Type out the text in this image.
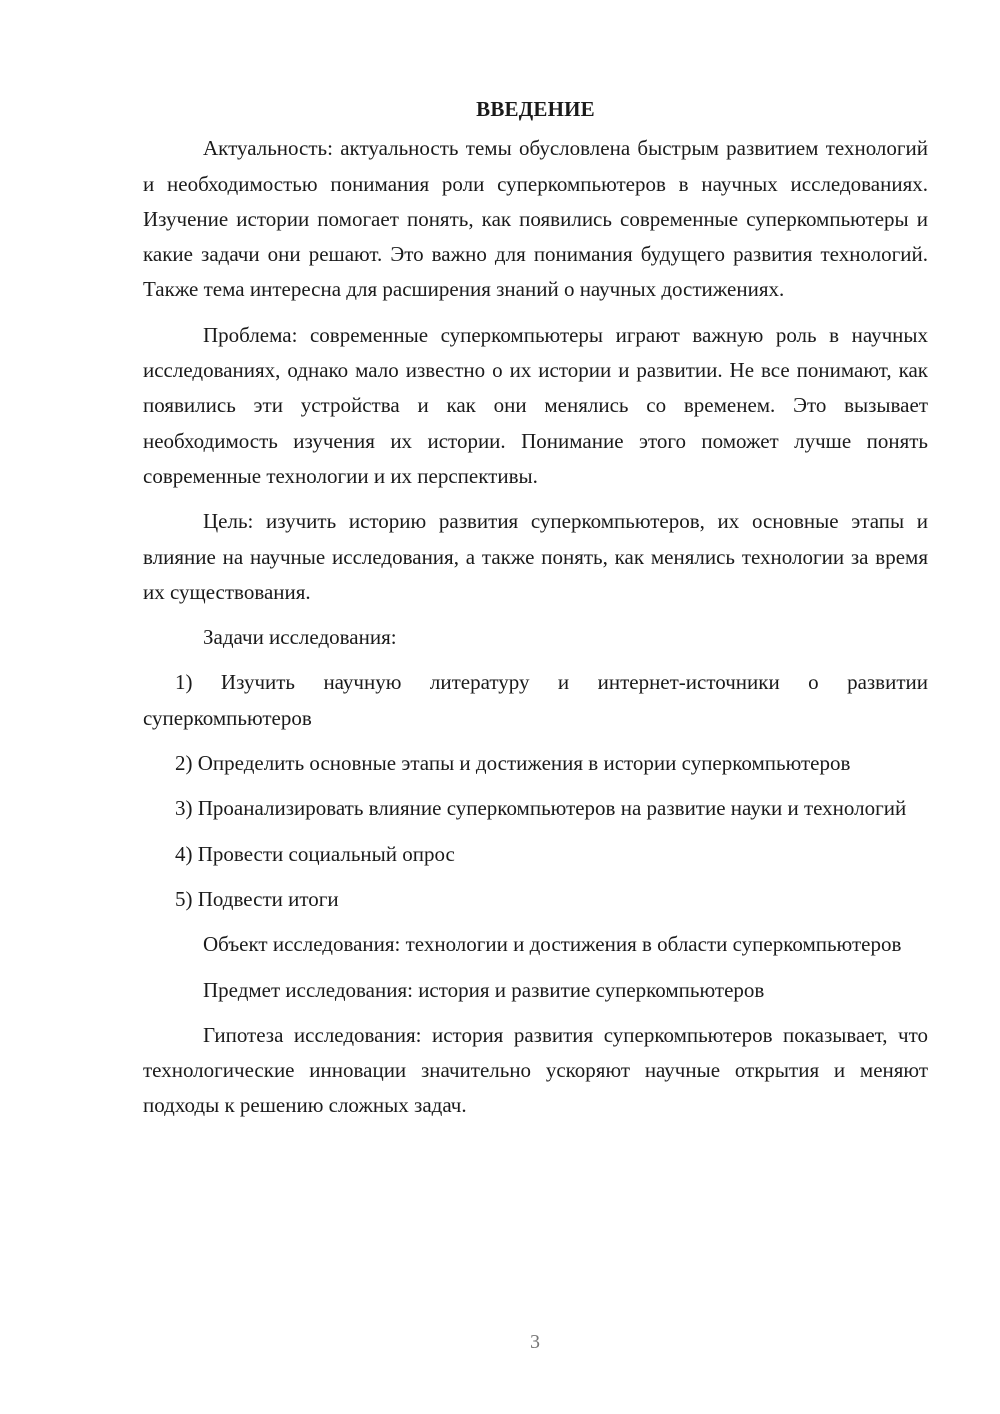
ВВЕДЕНИЕ

Актуальность: актуальность темы обусловлена быстрым развитием технологий и необходимостью понимания роли суперкомпьютеров в научных исследованиях. Изучение истории помогает понять, как появились современные суперкомпьютеры и какие задачи они решают. Это важно для понимания будущего развития технологий. Также тема интересна для расширения знаний о научных достижениях.

Проблема: современные суперкомпьютеры играют важную роль в научных исследованиях, однако мало известно о их истории и развитии. Не все понимают, как появились эти устройства и как они менялись со временем. Это вызывает необходимость изучения их истории. Понимание этого поможет лучше понять современные технологии и их перспективы.

Цель: изучить историю развития суперкомпьютеров, их основные этапы и влияние на научные исследования, а также понять, как менялись технологии за время их существования.

Задачи исследования:

1) Изучить научную литературу и интернет-источники о развитии суперкомпьютеров

2) Определить основные этапы и достижения в истории суперкомпьютеров

3) Проанализировать влияние суперкомпьютеров на развитие науки и технологий

4) Провести социальный опрос

5) Подвести итоги

Объект исследования: технологии и достижения в области суперкомпьютеров

Предмет исследования: история и развитие суперкомпьютеров

Гипотеза исследования: история развития суперкомпьютеров показывает, что технологические инновации значительно ускоряют научные открытия и меняют подходы к решению сложных задач.

3
